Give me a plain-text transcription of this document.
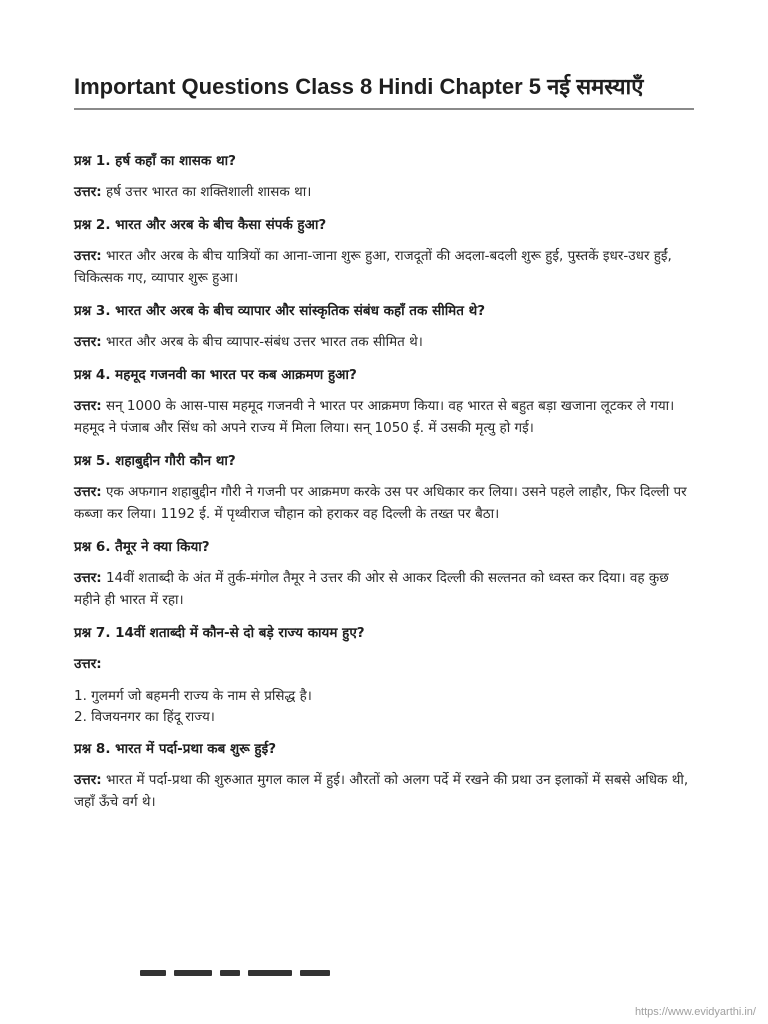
Important Questions Class 8 Hindi Chapter 5 नई समस्याएँ

प्रश्न 1. हर्ष कहाँ का शासक था?

उत्तर: हर्ष उत्तर भारत का शक्तिशाली शासक था।

प्रश्न 2. भारत और अरब के बीच कैसा संपर्क हुआ?

उत्तर: भारत और अरब के बीच यात्रियों का आना-जाना शुरू हुआ, राजदूतों की अदला-बदली शुरू हुई, पुस्तकें इधर-उधर हुईं, चिकित्सक गए, व्यापार शुरू हुआ।

प्रश्न 3. भारत और अरब के बीच व्यापार और सांस्कृतिक संबंध कहाँ तक सीमित थे?

उत्तर: भारत और अरब के बीच व्यापार-संबंध उत्तर भारत तक सीमित थे।

प्रश्न 4. महमूद गजनवी का भारत पर कब आक्रमण हुआ?

उत्तर: सन् 1000 के आस-पास महमूद गजनवी ने भारत पर आक्रमण किया। वह भारत से बहुत बड़ा खजाना लूटकर ले गया। महमूद ने पंजाब और सिंध को अपने राज्य में मिला लिया। सन् 1050 ई. में उसकी मृत्यु हो गई।

प्रश्न 5. शहाबुद्दीन गौरी कौन था?

उत्तर: एक अफगान शहाबुद्दीन गौरी ने गजनी पर आक्रमण करके उस पर अधिकार कर लिया। उसने पहले लाहौर, फिर दिल्ली पर कब्जा कर लिया। 1192 ई. में पृथ्वीराज चौहान को हराकर वह दिल्ली के तख्त पर बैठा।

प्रश्न 6. तैमूर ने क्या किया?

उत्तर: 14वीं शताब्दी के अंत में तुर्क-मंगोल तैमूर ने उत्तर की ओर से आकर दिल्ली की सल्तनत को ध्वस्त कर दिया। वह कुछ महीने ही भारत में रहा।

प्रश्न 7. 14वीं शताब्दी में कौन-से दो बड़े राज्य कायम हुए?

उत्तर:

1. गुलमर्ग जो बहमनी राज्य के नाम से प्रसिद्ध है।
2. विजयनगर का हिंदू राज्य।

प्रश्न 8. भारत में पर्दा-प्रथा कब शुरू हुई?

उत्तर: भारत में पर्दा-प्रथा की शुरुआत मुगल काल में हुई। औरतों को अलग पर्दे में रखने की प्रथा उन इलाकों में सबसे अधिक थी, जहाँ ऊँचे वर्ग थे।

https://www.evidyarthi.in/
